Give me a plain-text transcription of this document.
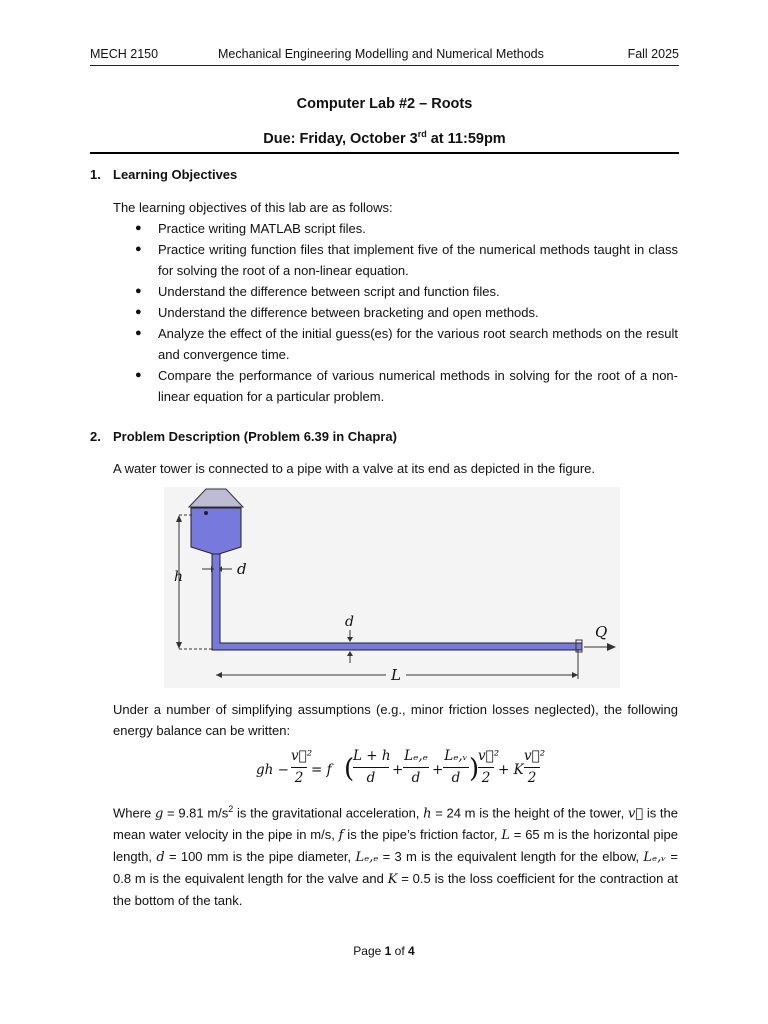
MECH 2150	Mechanical Engineering Modelling and Numerical Methods	Fall 2025
Computer Lab #2 – Roots
Due: Friday, October 3rd at 11:59pm
1. Learning Objectives
The learning objectives of this lab are as follows:
● Practice writing MATLAB script files.
● Practice writing function files that implement five of the numerical methods taught in class for solving the root of a non-linear equation.
● Understand the difference between script and function files.
● Understand the difference between bracketing and open methods.
● Analyze the effect of the initial guess(es) for the various root search methods on the result and convergence time.
● Compare the performance of various numerical methods in solving for the root of a non-linear equation for a particular problem.
2. Problem Description (Problem 6.39 in Chapra)
A water tower is connected to a pipe with a valve at its end as depicted in the figure.
h	d
d
L
Q
Under a number of simplifying assumptions (e.g., minor friction losses neglected), the following energy balance can be written:
gh −
v⃗²
2 = f (
L + h
d	+
Lₑ,ₑ
d +
Lₑ,ᵥ
d )
v⃗²
2 + K
v⃗²
2
Where g = 9.81 $m/s^2$ is the gravitational acceleration, h = 24 m is the height of the tower, v⃗ is the mean water velocity in the pipe in m/s, f is the pipe’s friction factor, L = 65 m is the horizontal pipe length, d = 100 mm is the pipe diameter, Lₑ,ₑ = 3 m is the equivalent length for the elbow, Lₑ,ᵥ = 0.8 m is the equivalent length for the valve and K = 0.5 is the loss coefficient for the contraction at the bottom of the tank.
Page 1 of 4
